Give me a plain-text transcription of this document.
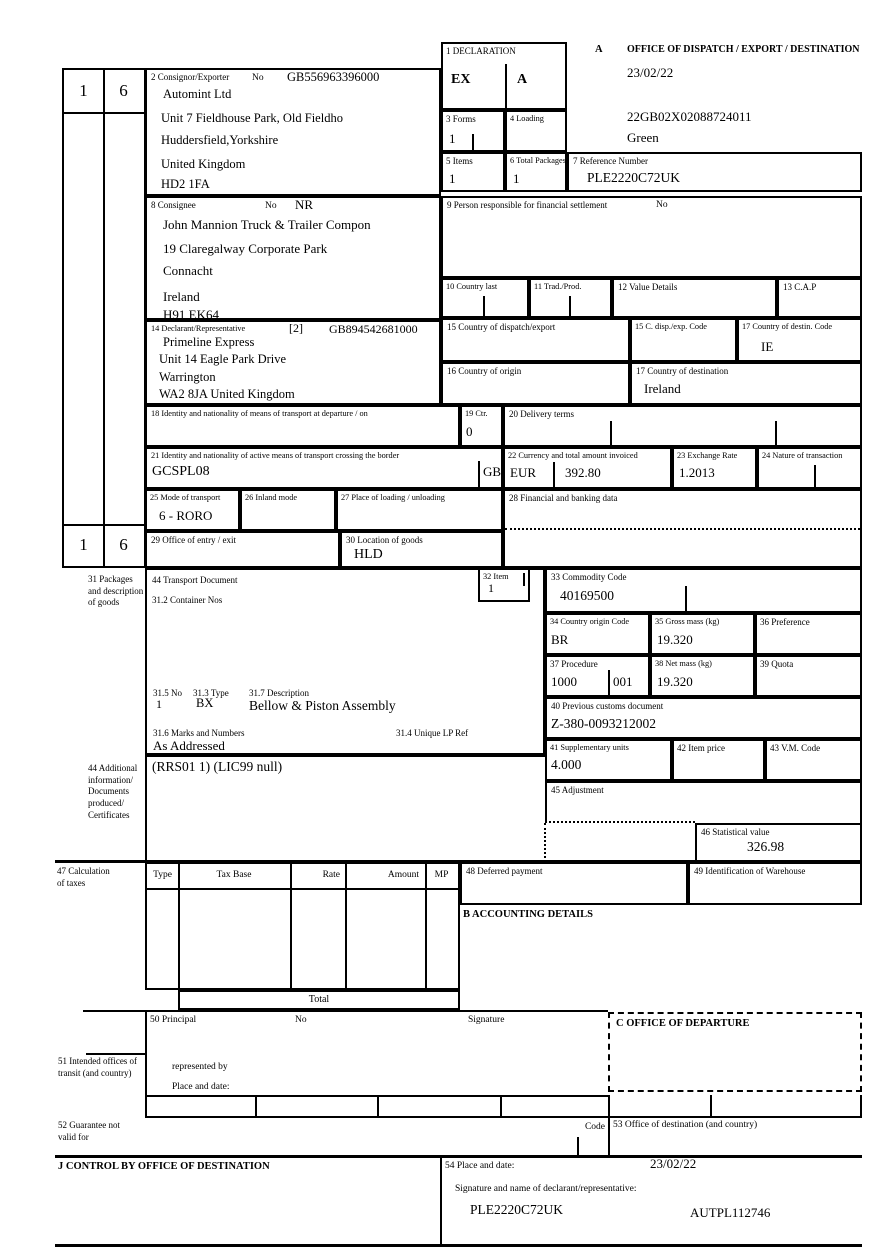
1	6
1	6
1 DECLARATION
EX	A
A OFFICE OF DISPATCH / EXPORT / DESTINATION
23/02/22
22GB02X02088724011
Green
2 Consignor/Exporter No GB556963396000
Automint Ltd
Unit 7 Fieldhouse Park, Old Fieldho
Huddersfield,Yorkshire
United Kingdom
HD2 1FA
3 Forms
1
4 Loading
5 Items
1
6 Total Packages
1
7 Reference Number
PLE2220C72UK
8 Consignee	No NR
John Mannion Truck & Trailer Compon
19 Claregalway Corporate Park
Connacht
Ireland
H91 EK64
9 Person responsible for financial settlement	No
10 Country last	11 Trad./Prod.	12 Value Details	13 C.A.P
14 Declarant/Representative	[2] GB894542681000
Primeline Express
Unit 14 Eagle Park Drive
Warrington
WA2 8JA United Kingdom
15 Country of dispatch/export	15 C. disp./exp. Code	17 Country of destin. Code
IE
16 Country of origin	17 Country of destination
Ireland
18 Identity and nationality of means of transport at departure / on	19 Ctr.
0
20 Delivery terms
21 Identity and nationality of active means of transport crossing the border
GCSPL08	GB
22 Currency and total amount invoiced
EUR 392.80
23 Exchange Rate
1.2013
24 Nature of transaction
25 Mode of transport
6 - RORO
26 Inland mode	27 Place of loading / unloading	28 Financial and banking data
29 Office of entry / exit	30 Location of goods
HLD
31 Packages and description of goods
44 Transport Document
31.2 Container Nos
31.5 No
1
31.3 Type
BX
31.7 Description
Bellow & Piston Assembly
31.6 Marks and Numbers
As Addressed
31.4 Unique LP Ref
32 Item
1
44 Additional information/ Documents produced/ Certificates
(RRS01 1) (LIC99 null)
33 Commodity Code
40169500
34 Country origin Code
BR
35 Gross mass (kg)
19.320
36 Preference
37 Procedure
1000	001
38 Net mass (kg)
19.320
39 Quota
40 Previous customs document
Z-380-0093212002
41 Supplementary units
4.000
42 Item price	43 V.M. Code
45 Adjustment
46 Statistical value
326.98
47 Calculation of taxes
Type	Tax Base	Rate	Amount	MP
Total
48 Deferred payment	49 Identification of Warehouse
B ACCOUNTING DETAILS
50 Principal	No	Signature
represented by
Place and date:
C OFFICE OF DEPARTURE
51 Intended offices of transit (and country)
52 Guarantee not valid for
Code 53 Office of destination (and country)
J CONTROL BY OFFICE OF DESTINATION	54 Place and date:	23/02/22
Signature and name of declarant/representative:
PLE2220C72UK	AUTPL112746
